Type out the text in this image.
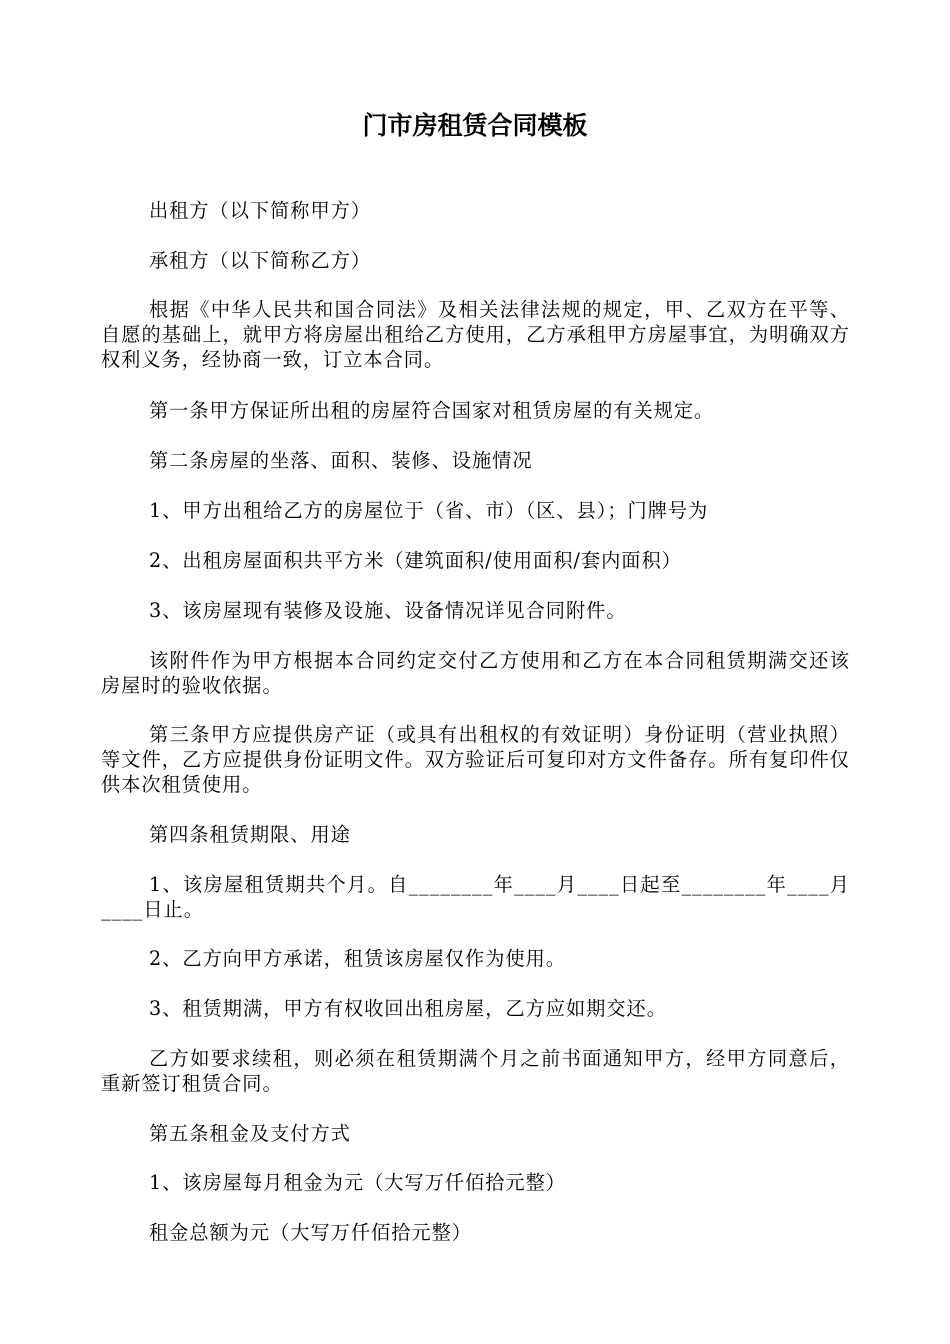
门市房租赁合同模板

出租方（以下简称甲方）

承租方（以下简称乙方）

根据《中华人民共和国合同法》及相关法律法规的规定，甲、乙双方在平等、自愿的基础上，就甲方将房屋出租给乙方使用，乙方承租甲方房屋事宜，为明确双方权利义务，经协商一致，订立本合同。

第一条甲方保证所出租的房屋符合国家对租赁房屋的有关规定。

第二条房屋的坐落、面积、装修、设施情况

1、甲方出租给乙方的房屋位于（省、市）（区、县）；门牌号为

2、出租房屋面积共平方米（建筑面积/使用面积/套内面积）

3、该房屋现有装修及设施、设备情况详见合同附件。

该附件作为甲方根据本合同约定交付乙方使用和乙方在本合同租赁期满交还该房屋时的验收依据。

第三条甲方应提供房产证（或具有出租权的有效证明）身份证明（营业执照）等文件，乙方应提供身份证明文件。双方验证后可复印对方文件备存。所有复印件仅供本次租赁使用。

第四条租赁期限、用途

1、该房屋租赁期共个月。自________年____月____日起至________年____月____日止。

2、乙方向甲方承诺，租赁该房屋仅作为使用。

3、租赁期满，甲方有权收回出租房屋，乙方应如期交还。

乙方如要求续租，则必须在租赁期满个月之前书面通知甲方，经甲方同意后，重新签订租赁合同。

第五条租金及支付方式

1、该房屋每月租金为元（大写万仟佰拾元整）

租金总额为元（大写万仟佰拾元整）
